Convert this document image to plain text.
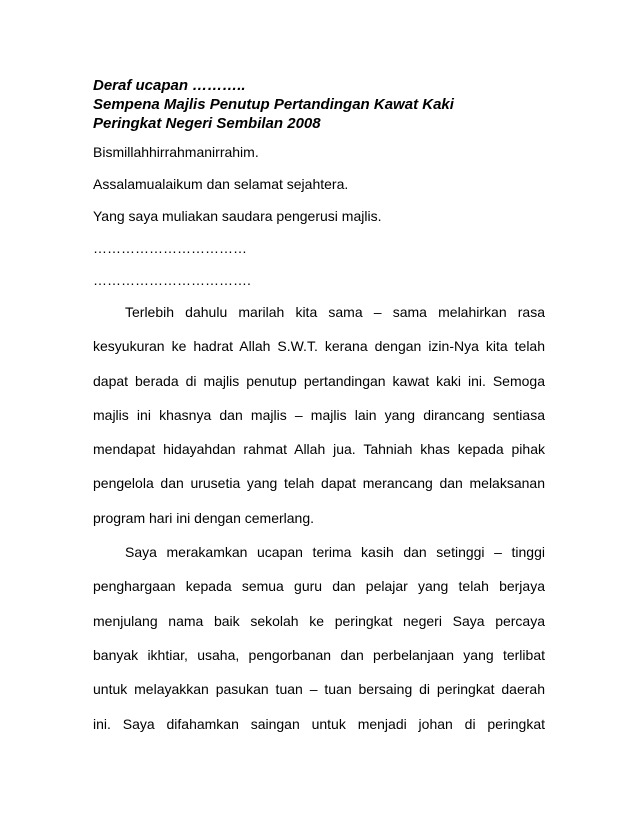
Deraf ucapan ………..

Sempena Majlis Penutup Pertandingan Kawat Kaki

Peringkat Negeri Sembilan 2008

Bismillahhirrahmanirrahim.

Assalamualaikum dan selamat sejahtera.

Yang saya muliakan saudara pengerusi majlis.

……………………………

…………………………….

Terlebih dahulu marilah kita sama – sama melahirkan rasa
kesyukuran ke hadrat Allah S.W.T. kerana dengan izin-Nya kita telah
dapat berada di majlis penutup pertandingan kawat kaki ini. Semoga
majlis ini khasnya dan majlis – majlis lain yang dirancang sentiasa
mendapat hidayahdan rahmat Allah jua. Tahniah khas kepada pihak
pengelola dan urusetia yang telah dapat merancang dan melaksanan
program hari ini dengan cemerlang.
Saya merakamkan ucapan terima kasih dan setinggi – tinggi
penghargaan kepada semua guru dan pelajar yang telah berjaya
menjulang nama baik sekolah ke peringkat negeri Saya percaya
banyak ikhtiar, usaha, pengorbanan dan perbelanjaan yang terlibat
untuk melayakkan pasukan tuan – tuan bersaing di peringkat daerah
ini. Saya difahamkan saingan untuk menjadi johan di peringkat
